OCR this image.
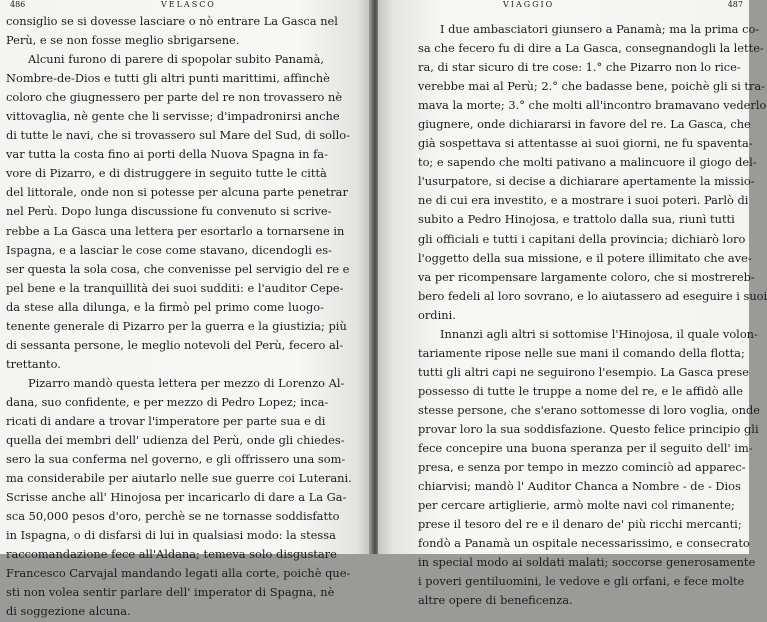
486	VELASCO
consiglio se si dovesse lasciare o nò entrare La Gasca nel
Perù, e se non fosse meglio sbrigarsene.
Alcuni furono di parere di spopolar subito Panamà,
Nombre-de-Dios e tutti gli altri punti marittimi, affinchè
coloro che giugnessero per parte del re non trovassero nè
vittovaglia, nè gente che li servisse; d'impadronirsi anche
di tutte le navi, che si trovassero sul Mare del Sud, di sollo-
var tutta la costa fino ai porti della Nuova Spagna in fa-
vore di Pizarro, e di distruggere in seguito tutte le città
del littorale, onde non si potesse per alcuna parte penetrar
nel Perù. Dopo lunga discussione fu convenuto si scrive-
rebbe a La Gasca una lettera per esortarlo a tornarsene in
Ispagna, e a lasciar le cose come stavano, dicendogli es-
ser questa la sola cosa, che convenisse pel servigio del re e
pel bene e la tranquillità dei suoi sudditi: e l'auditor Cepe-
da stese alla dilunga, e la firmò pel primo come luogo-
tenente generale di Pizarro per la guerra e la giustizia; più
di sessanta persone, le meglio notevoli del Perù, fecero al-
trettanto.
Pizarro mandò questa lettera per mezzo di Lorenzo Al-
dana, suo confidente, e per mezzo di Pedro Lopez; inca-
ricati di andare a trovar l'imperatore per parte sua e di
quella dei membri dell' udienza del Perù, onde gli chiedes-
sero la sua conferma nel governo, e gli offrissero una som-
ma considerabile per aiutarlo nelle sue guerre coi Luterani.
Scrisse anche all' Hinojosa per incaricarlo di dare a La Ga-
sca 50,000 pesos d'oro, perchè se ne tornasse soddisfatto
in Ispagna, o di disfarsi di lui in qualsiasi modo: la stessa
raccomandazione fece all'Aldana; temeva solo disgustare
Francesco Carvajal mandando legati alla corte, poichè que-
sti non volea sentir parlare dell' imperator di Spagna, nè
di soggezione alcuna.
VIAGGIO	487
I due ambasciatori giunsero a Panamà; ma la prima co-
sa che fecero fu di dire a La Gasca, consegnandogli la lette-
ra, di star sicuro di tre cose: 1.° che Pizarro non lo rice-
verebbe mai al Perù; 2.° che badasse bene, poichè gli si tra-
mava la morte; 3.° che molti all'incontro bramavano vederlo
giugnere, onde dichiararsi in favore del re. La Gasca, che
già sospettava si attentasse ai suoi giorni, ne fu spaventa-
to; e sapendo che molti pativano a malincuore il giogo del-
l'usurpatore, si decise a dichiarare apertamente la missio-
ne di cui era investito, e a mostrare i suoi poteri. Parlò di
subito a Pedro Hinojosa, e trattolo dalla sua, riunì tutti
gli officiali e tutti i capitani della provincia; dichiarò loro
l'oggetto della sua missione, e il potere illimitato che ave-
va per ricompensare largamente coloro, che si mostrereb-
bero fedeli al loro sovrano, e lo aiutassero ad eseguire i suoi
ordini.
Innanzi agli altri si sottomise l'Hinojosa, il quale volon-
tariamente ripose nelle sue mani il comando della flotta;
tutti gli altri capi ne seguirono l'esempio. La Gasca prese
possesso di tutte le truppe a nome del re, e le affidò alle
stesse persone, che s'erano sottomesse di loro voglia, onde
provar loro la sua soddisfazione. Questo felice principio gli
fece concepire una buona speranza per il seguito dell' im-
presa, e senza por tempo in mezzo cominciò ad apparec-
chiarvisi; mandò l' Auditor Chanca a Nombre - de - Dios
per cercare artiglierie, armò molte navi col rimanente;
prese il tesoro del re e il denaro de' più ricchi mercanti;
fondò a Panamà un ospitale necessarissimo, e consecrato
in special modo ai soldati malati; soccorse generosamente
i poveri gentiluomini, le vedove e gli orfani, e fece molte
altre opere di beneficenza.
